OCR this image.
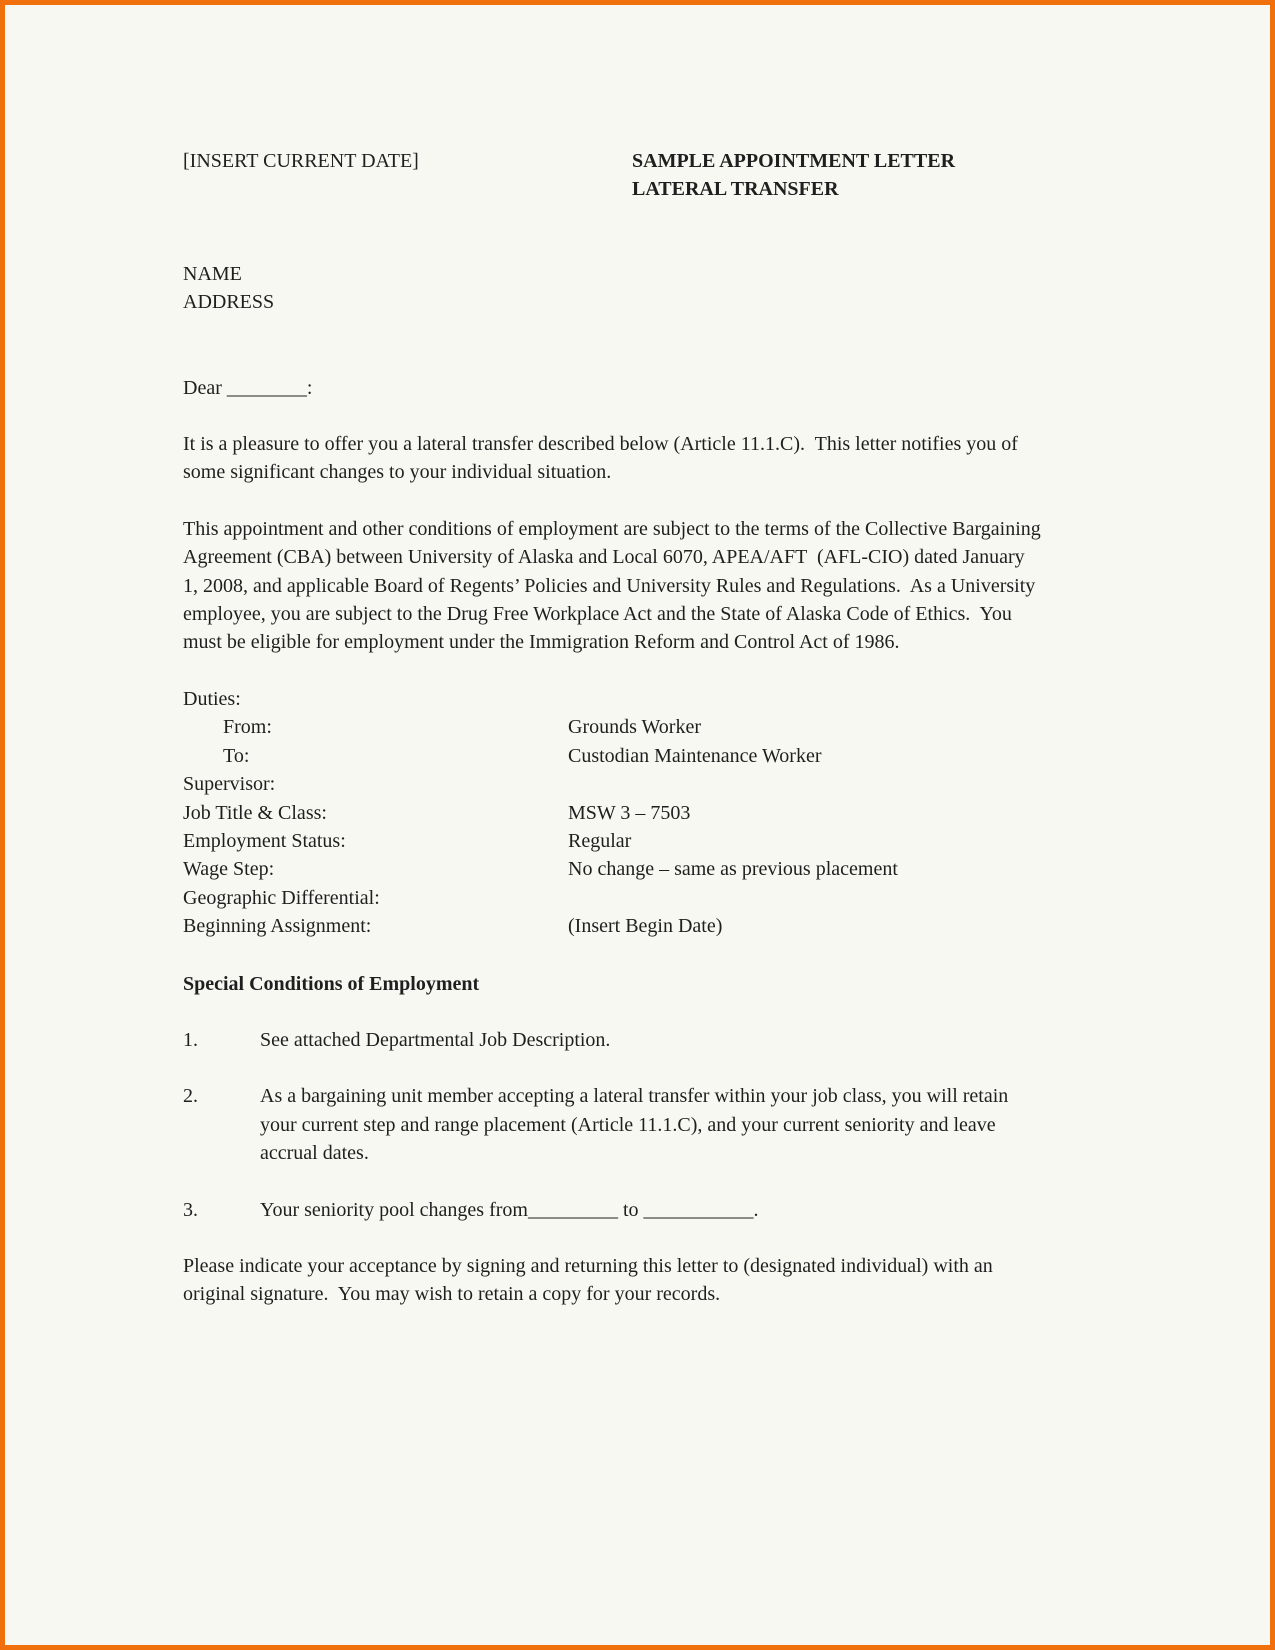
[INSERT CURRENT DATE]	SAMPLE APPOINTMENT LETTER
LATERAL TRANSFER
NAME
ADDRESS
Dear ________:
It is a pleasure to offer you a lateral transfer described below (Article 11.1.C).  This letter notifies you of some significant changes to your individual situation.
This appointment and other conditions of employment are subject to the terms of the Collective Bargaining Agreement (CBA) between University of Alaska and Local 6070, APEA/AFT  (AFL-CIO) dated January 1, 2008, and applicable Board of Regents’ Policies and University Rules and Regulations.  As a University employee, you are subject to the Drug Free Workplace Act and the State of Alaska Code of Ethics.  You must be eligible for employment under the Immigration Reform and Control Act of 1986.
Duties:
From:	Grounds Worker
To:	Custodian Maintenance Worker
Supervisor:
Job Title & Class:	MSW 3 – 7503
Employment Status:	Regular
Wage Step:	No change – same as previous placement
Geographic Differential:
Beginning Assignment:	(Insert Begin Date)
Special Conditions of Employment
1.	See attached Departmental Job Description.
2.	As a bargaining unit member accepting a lateral transfer within your job class, you will retain your current step and range placement (Article 11.1.C), and your current seniority and leave accrual dates.
3.	Your seniority pool changes from_________ to ___________.
Please indicate your acceptance by signing and returning this letter to (designated individual) with an original signature.  You may wish to retain a copy for your records.
